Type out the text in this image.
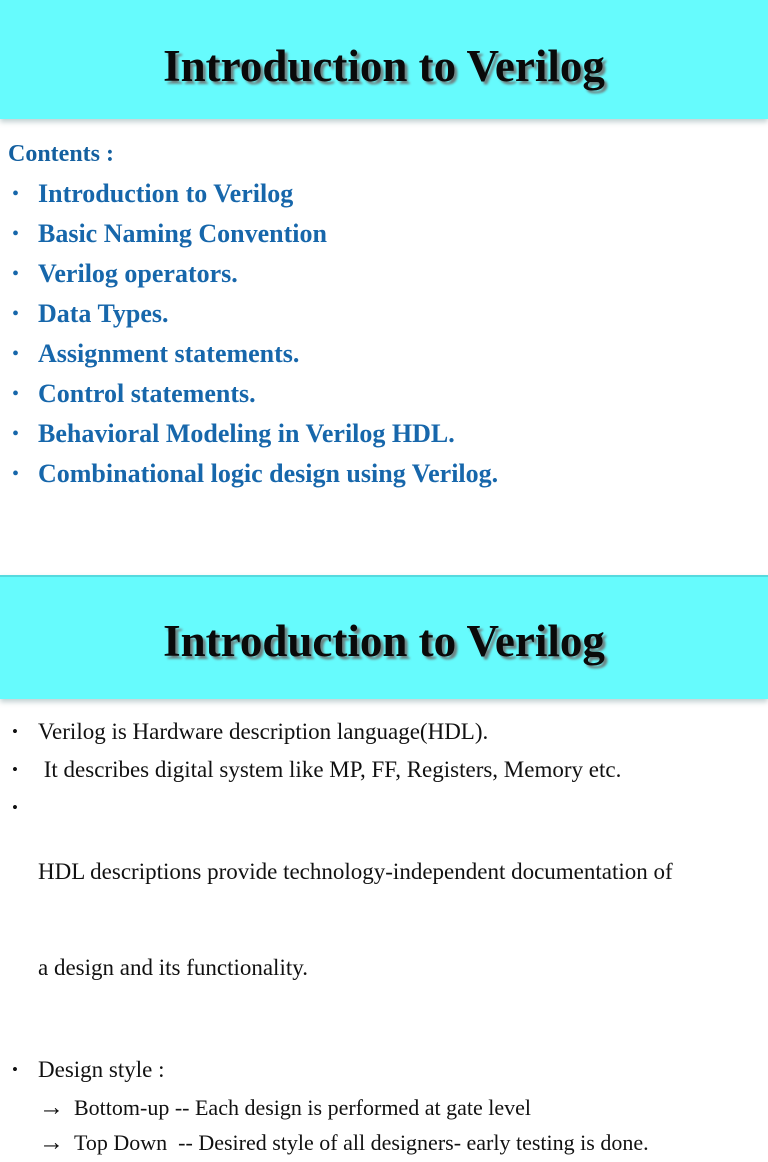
Introduction to Verilog
Contents :
• Introduction to Verilog
• Basic Naming Convention
• Verilog operators.
• Data Types.
• Assignment statements.
• Control statements.
• Behavioral Modeling in Verilog HDL.
• Combinational logic design using Verilog.
Introduction to Verilog
• Verilog is Hardware description language(HDL).
• It describes digital system like MP, FF, Registers, Memory etc.
•

HDL descriptions provide technology-independent documentation of

a design and its functionality.

• Design style :
→ Bottom-up -- Each design is performed at gate level
→ Top Down  -- Desired style of all designers- early testing is done.
